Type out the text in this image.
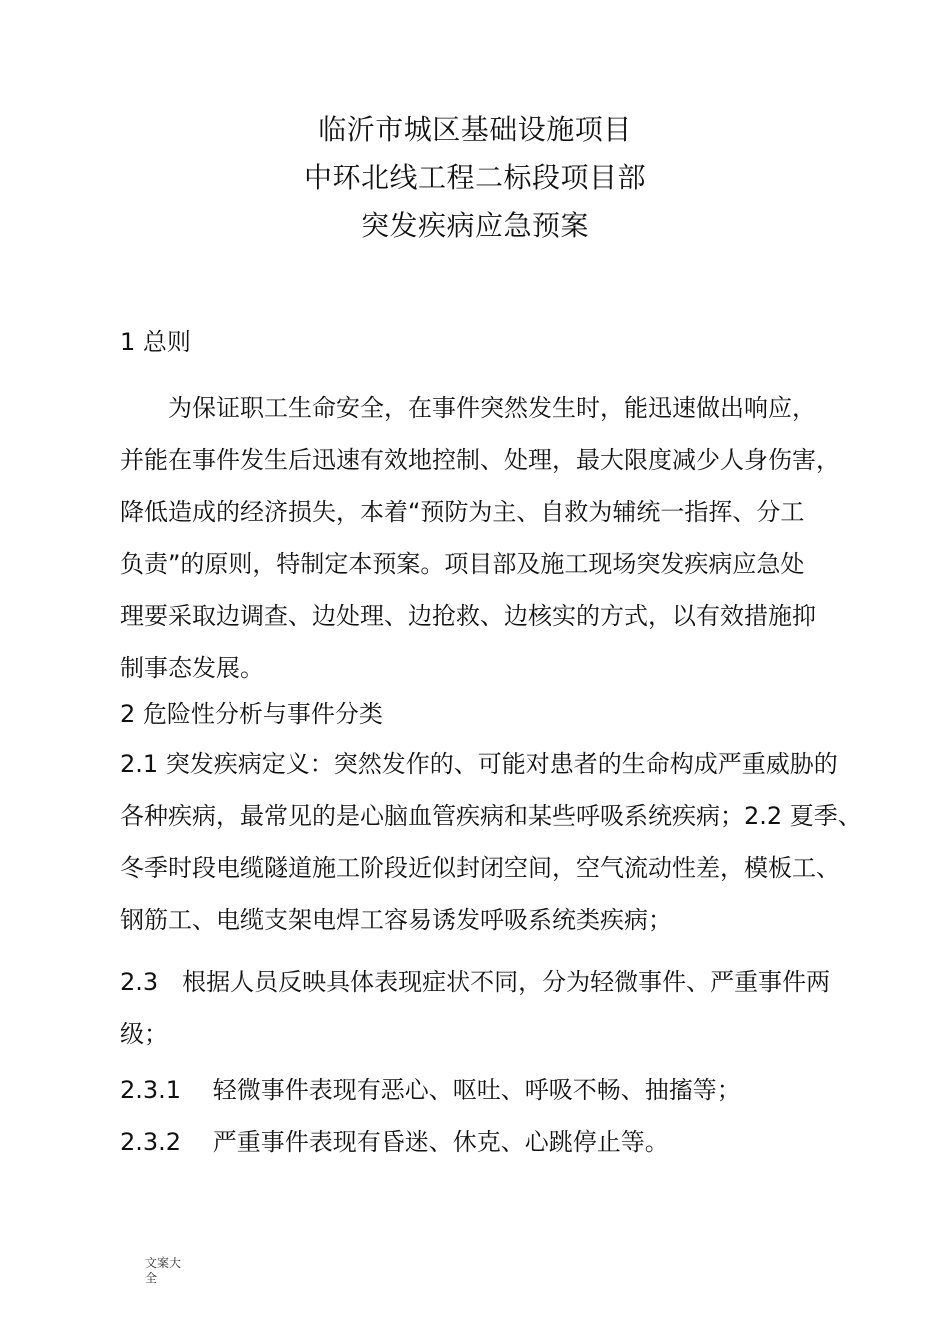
临沂市城区基础设施项目
中环北线工程二标段项目部
突发疾病应急预案
1 总则
　　为保证职工生命安全，在事件突然发生时，能迅速做出响应，
并能在事件发生后迅速有效地控制、处理，最大限度减少人身伤害，
降低造成的经济损失，本着“预防为主、自救为辅统一指挥、分工
负责”的原则，特制定本预案。项目部及施工现场突发疾病应急处
理要采取边调查、边处理、边抢救、边核实的方式，以有效措施抑
制事态发展。
2 危险性分析与事件分类
2.1 突发疾病定义：突然发作的、可能对患者的生命构成严重威胁的
各种疾病，最常见的是心脑血管疾病和某些呼吸系统疾病；2.2 夏季、
冬季时段电缆隧道施工阶段近似封闭空间，空气流动性差，模板工、
钢筋工、电缆支架电焊工容易诱发呼吸系统类疾病；
2.3　根据人员反映具体表现症状不同，分为轻微事件、严重事件两
级；
2.3.1　 轻微事件表现有恶心、呕吐、呼吸不畅、抽搐等；
2.3.2　 严重事件表现有昏迷、休克、心跳停止等。
文案大
全
